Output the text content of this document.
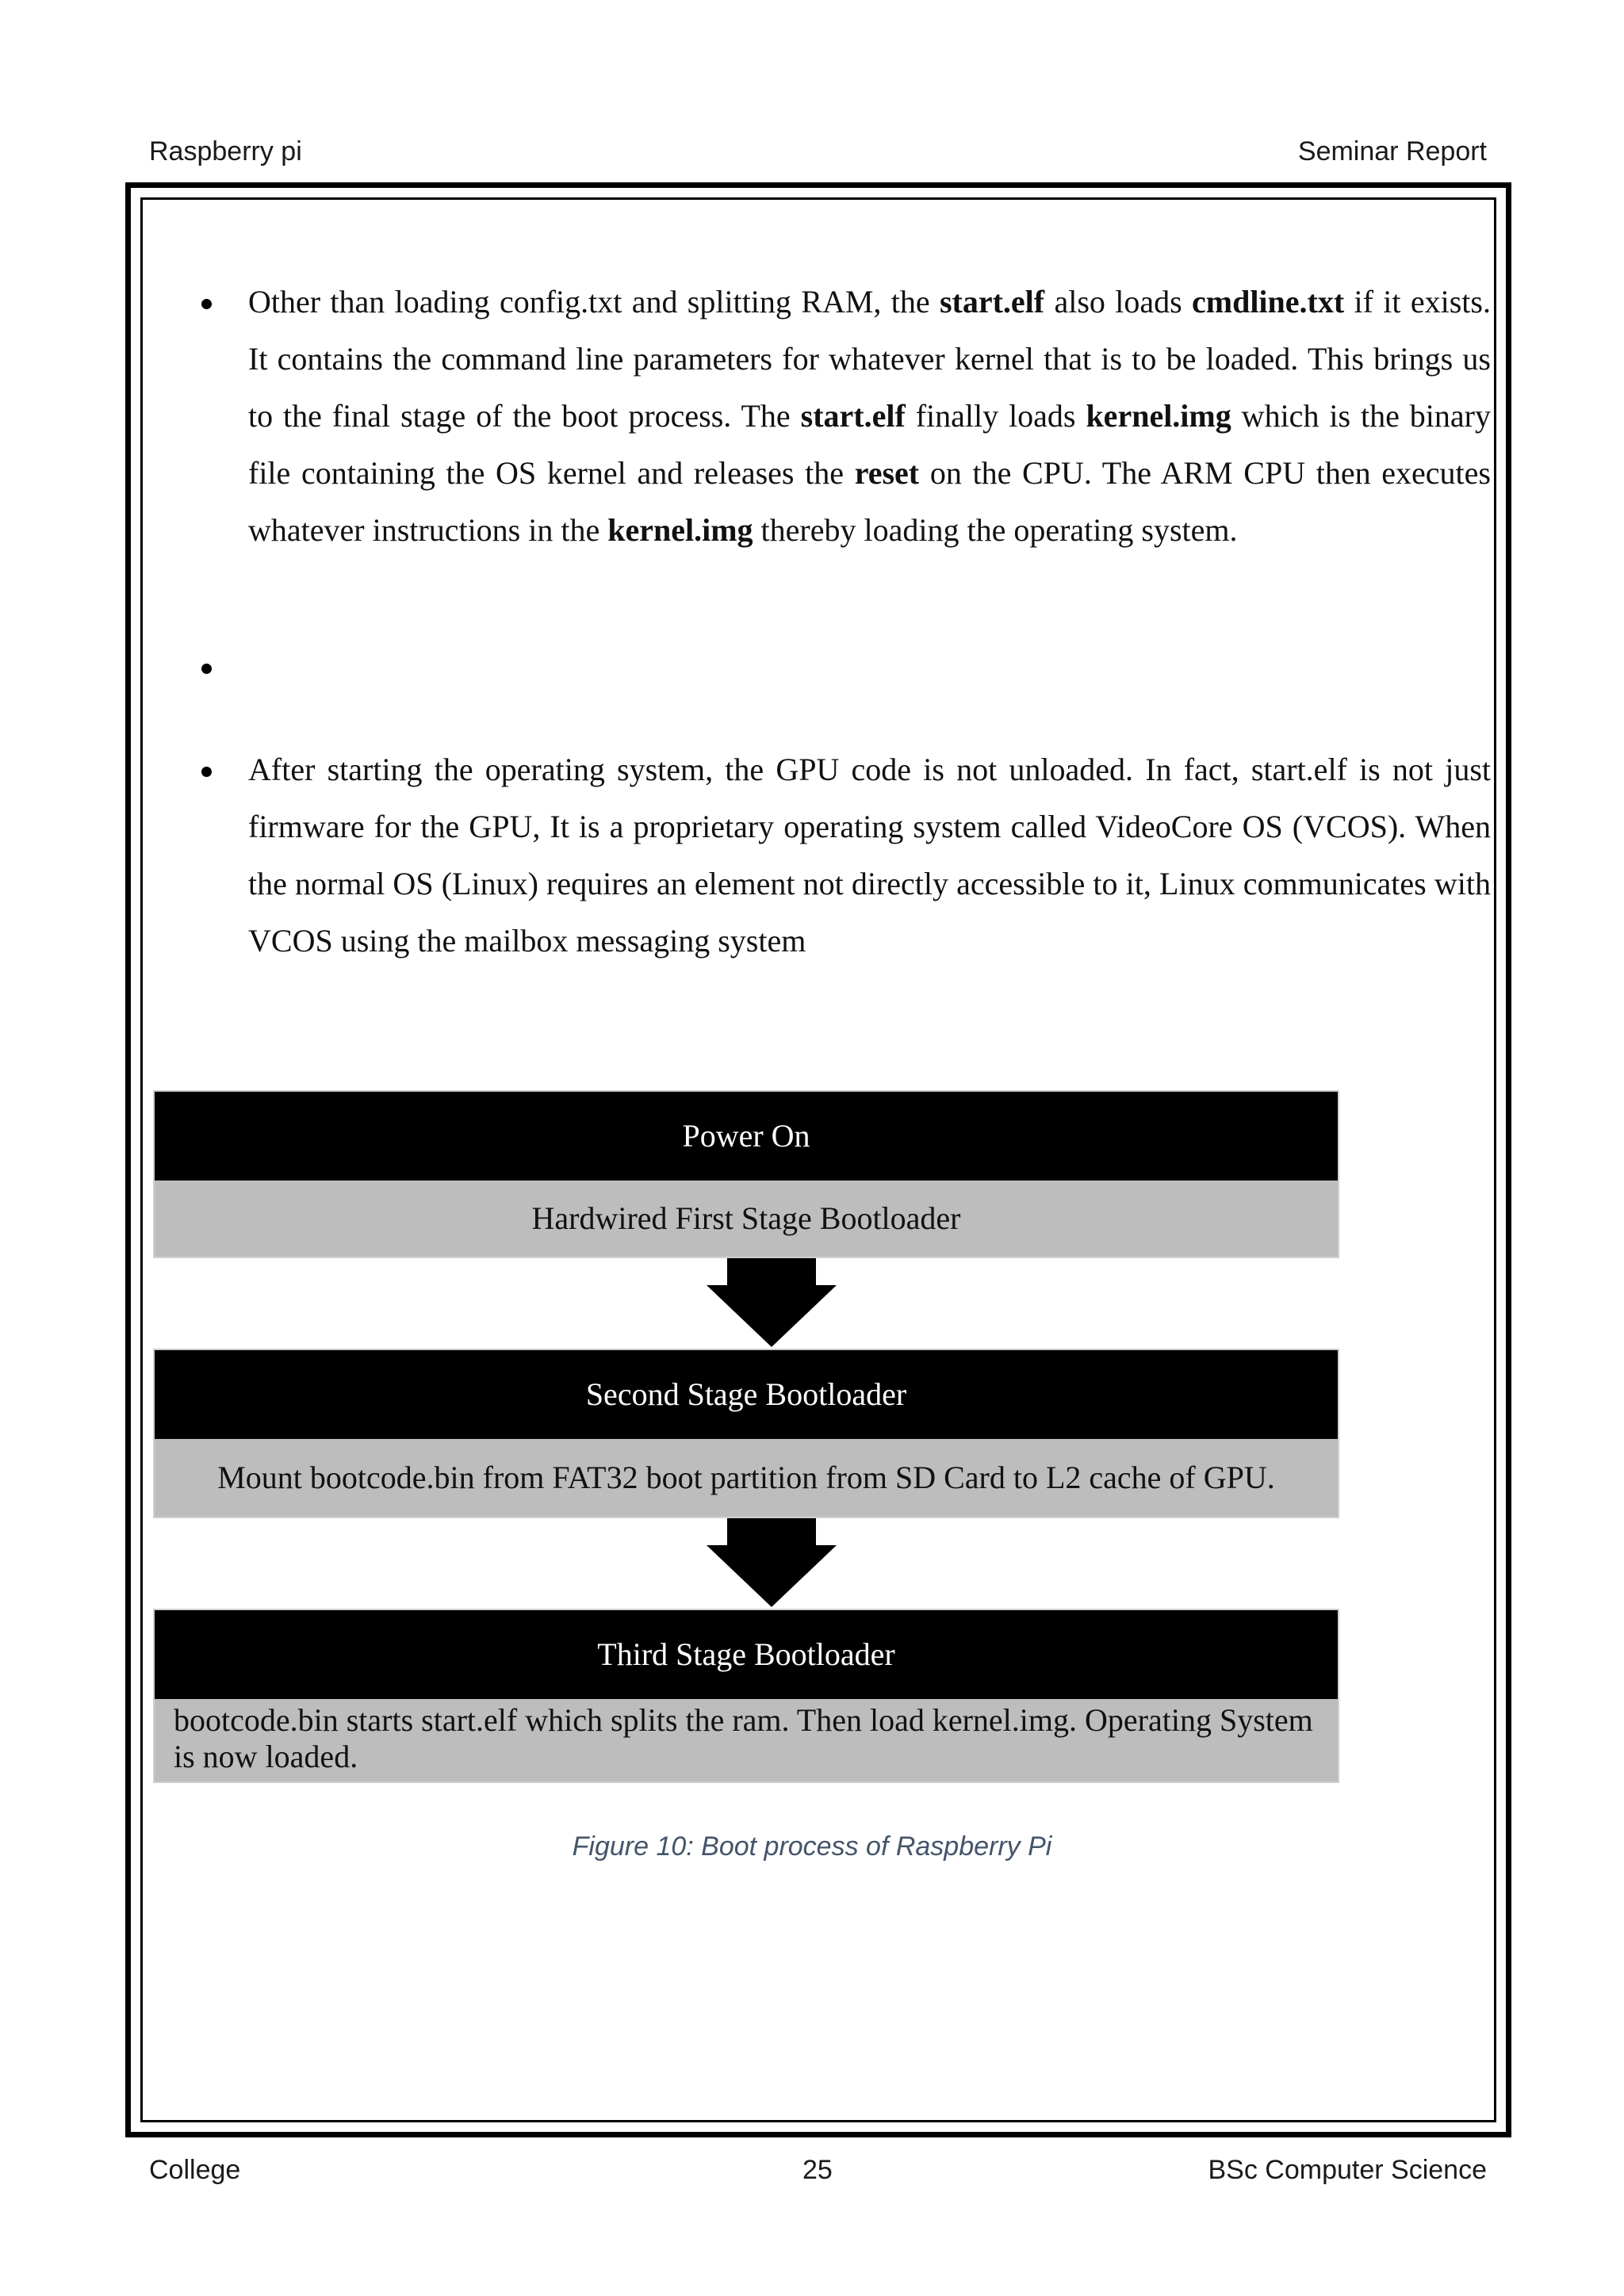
Raspberry pi	Seminar Report
Other than loading config.txt and splitting RAM, the start.elf also loads cmdline.txt if it exists. It contains the command line parameters for whatever kernel that is to be loaded. This brings us to the final stage of the boot process. The start.elf finally loads kernel.img which is the binary file containing the OS kernel and releases the reset on the CPU. The ARM CPU then executes whatever instructions in the kernel.img thereby loading the operating system.
After starting the operating system, the GPU code is not unloaded. In fact, start.elf is not just firmware for the GPU, It is a proprietary operating system called VideoCore OS (VCOS). When the normal OS (Linux) requires an element not directly accessible to it, Linux communicates with VCOS using the mailbox messaging system
Power On
Hardwired First Stage Bootloader
Second Stage Bootloader
Mount bootcode.bin from FAT32 boot partition from SD Card to L2 cache of GPU.
Third Stage Bootloader
bootcode.bin starts start.elf which splits the ram. Then load kernel.img. Operating System is now loaded.
Figure 10: Boot process of Raspberry Pi
College	25	BSc Computer Science
